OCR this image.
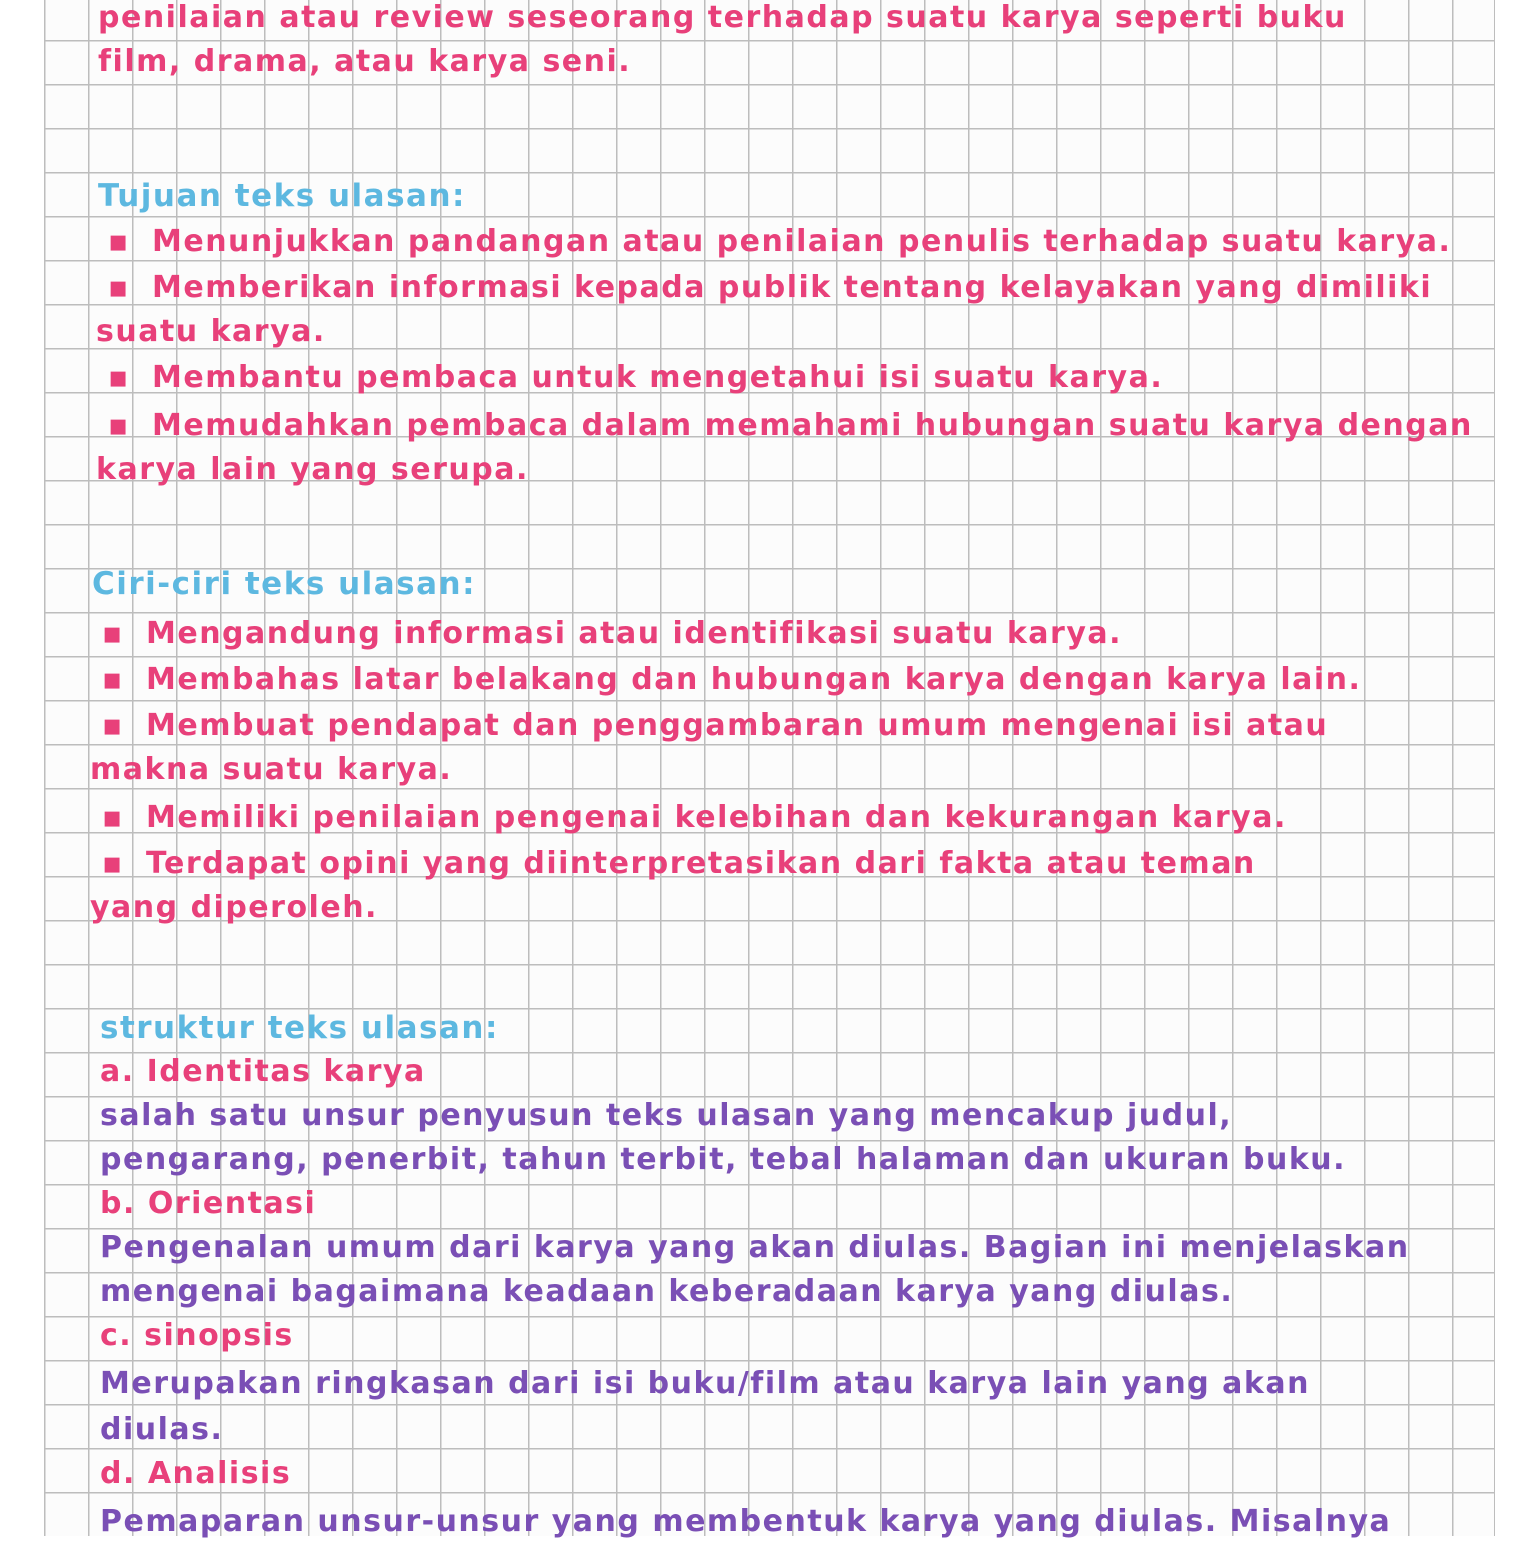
penilaian atau review seseorang terhadap suatu karya seperti buku
film, drama, atau karya seni.
Tujuan teks ulasan:
▪ Menunjukkan pandangan atau penilaian penulis terhadap suatu karya.
▪ Memberikan informasi kepada publik tentang kelayakan yang dimiliki
suatu karya.
▪ Membantu pembaca untuk mengetahui isi suatu karya.
▪ Memudahkan pembaca dalam memahami hubungan suatu karya dengan
karya lain yang serupa.
Ciri-ciri teks ulasan:
▪ Mengandung informasi atau identifikasi suatu karya.
▪ Membahas latar belakang dan hubungan karya dengan karya lain.
▪ Membuat pendapat dan penggambaran umum mengenai isi atau
makna suatu karya.
▪ Memiliki penilaian pengenai kelebihan dan kekurangan karya.
▪ Terdapat opini yang diinterpretasikan dari fakta atau teman
yang diperoleh.
struktur teks ulasan:
a. Identitas karya
salah satu unsur penyusun teks ulasan yang mencakup judul,
pengarang, penerbit, tahun terbit, tebal halaman dan ukuran buku.
b. Orientasi
Pengenalan umum dari karya yang akan diulas. Bagian ini menjelaskan
mengenai bagaimana keadaan keberadaan karya yang diulas.
c. sinopsis
Merupakan ringkasan dari isi buku/film atau karya lain yang akan
diulas.
d. Analisis
Pemaparan unsur-unsur yang membentuk karya yang diulas. Misalnya
